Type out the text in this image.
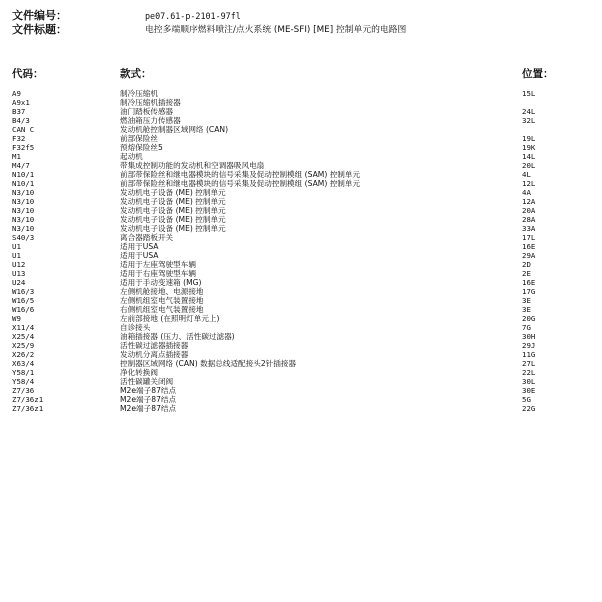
文件编号：	pe07.61-p-2101-97fl
文件标题：	电控多端顺序燃料喷注/点火系统 (ME-SFI) [ME] 控制单元的电路图
代码：	款式：	位置：
A9	制冷压缩机	15L
A9x1	制冷压缩机插接器
B37	油门踏板传感器	24L
B4/3	燃油箱压力传感器	32L
CAN C	发动机舱控制器区域网络 (CAN)
F32	前部保险丝	19L
F32f5	预熔保险丝5	19K
M1	起动机	14L
M4/7	带集成控制功能的发动机和空调器吸风电扇	20L
N10/1	前部带保险丝和继电器模块的信号采集及促动控制模组 (SAM) 控制单元	4L
N10/1	前部带保险丝和继电器模块的信号采集及促动控制模组 (SAM) 控制单元	12L
N3/10	发动机电子设备 (ME) 控制单元	4A
N3/10	发动机电子设备 (ME) 控制单元	12A
N3/10	发动机电子设备 (ME) 控制单元	20A
N3/10	发动机电子设备 (ME) 控制单元	28A
N3/10	发动机电子设备 (ME) 控制单元	33A
S40/3	离合器踏板开关	17L
U1	适用于USA	16E
U1	适用于USA	29A
U12	适用于左座驾驶型车辆	2D
U13	适用于右座驾驶型车辆	2E
U24	适用于手动变速箱 (MG)	16E
W16/3	左侧机舱接地、电源接地	17G
W16/5	左侧机组室电气装置接地	3E
W16/6	右侧机组室电气装置接地	3E
W9	左前部接地 (在照明灯单元上)	20G
X11/4	自诊接头	7G
X25/4	油箱插接器 (压力、活性碳过滤器)	30H
X25/9	活性碳过滤器插接器	29J
X26/2	发动机分离点插接器	11G
X63/4	控制器区域网络 (CAN) 数据总线适配接头2针插接器	27L
Y58/1	净化转换阀	22L
Y58/4	活性碳罐关闭阀	30L
Z7/36	M2e端子87结点	30E
Z7/36z1	M2e端子87结点	5G
Z7/36z1	M2e端子87结点	22G
